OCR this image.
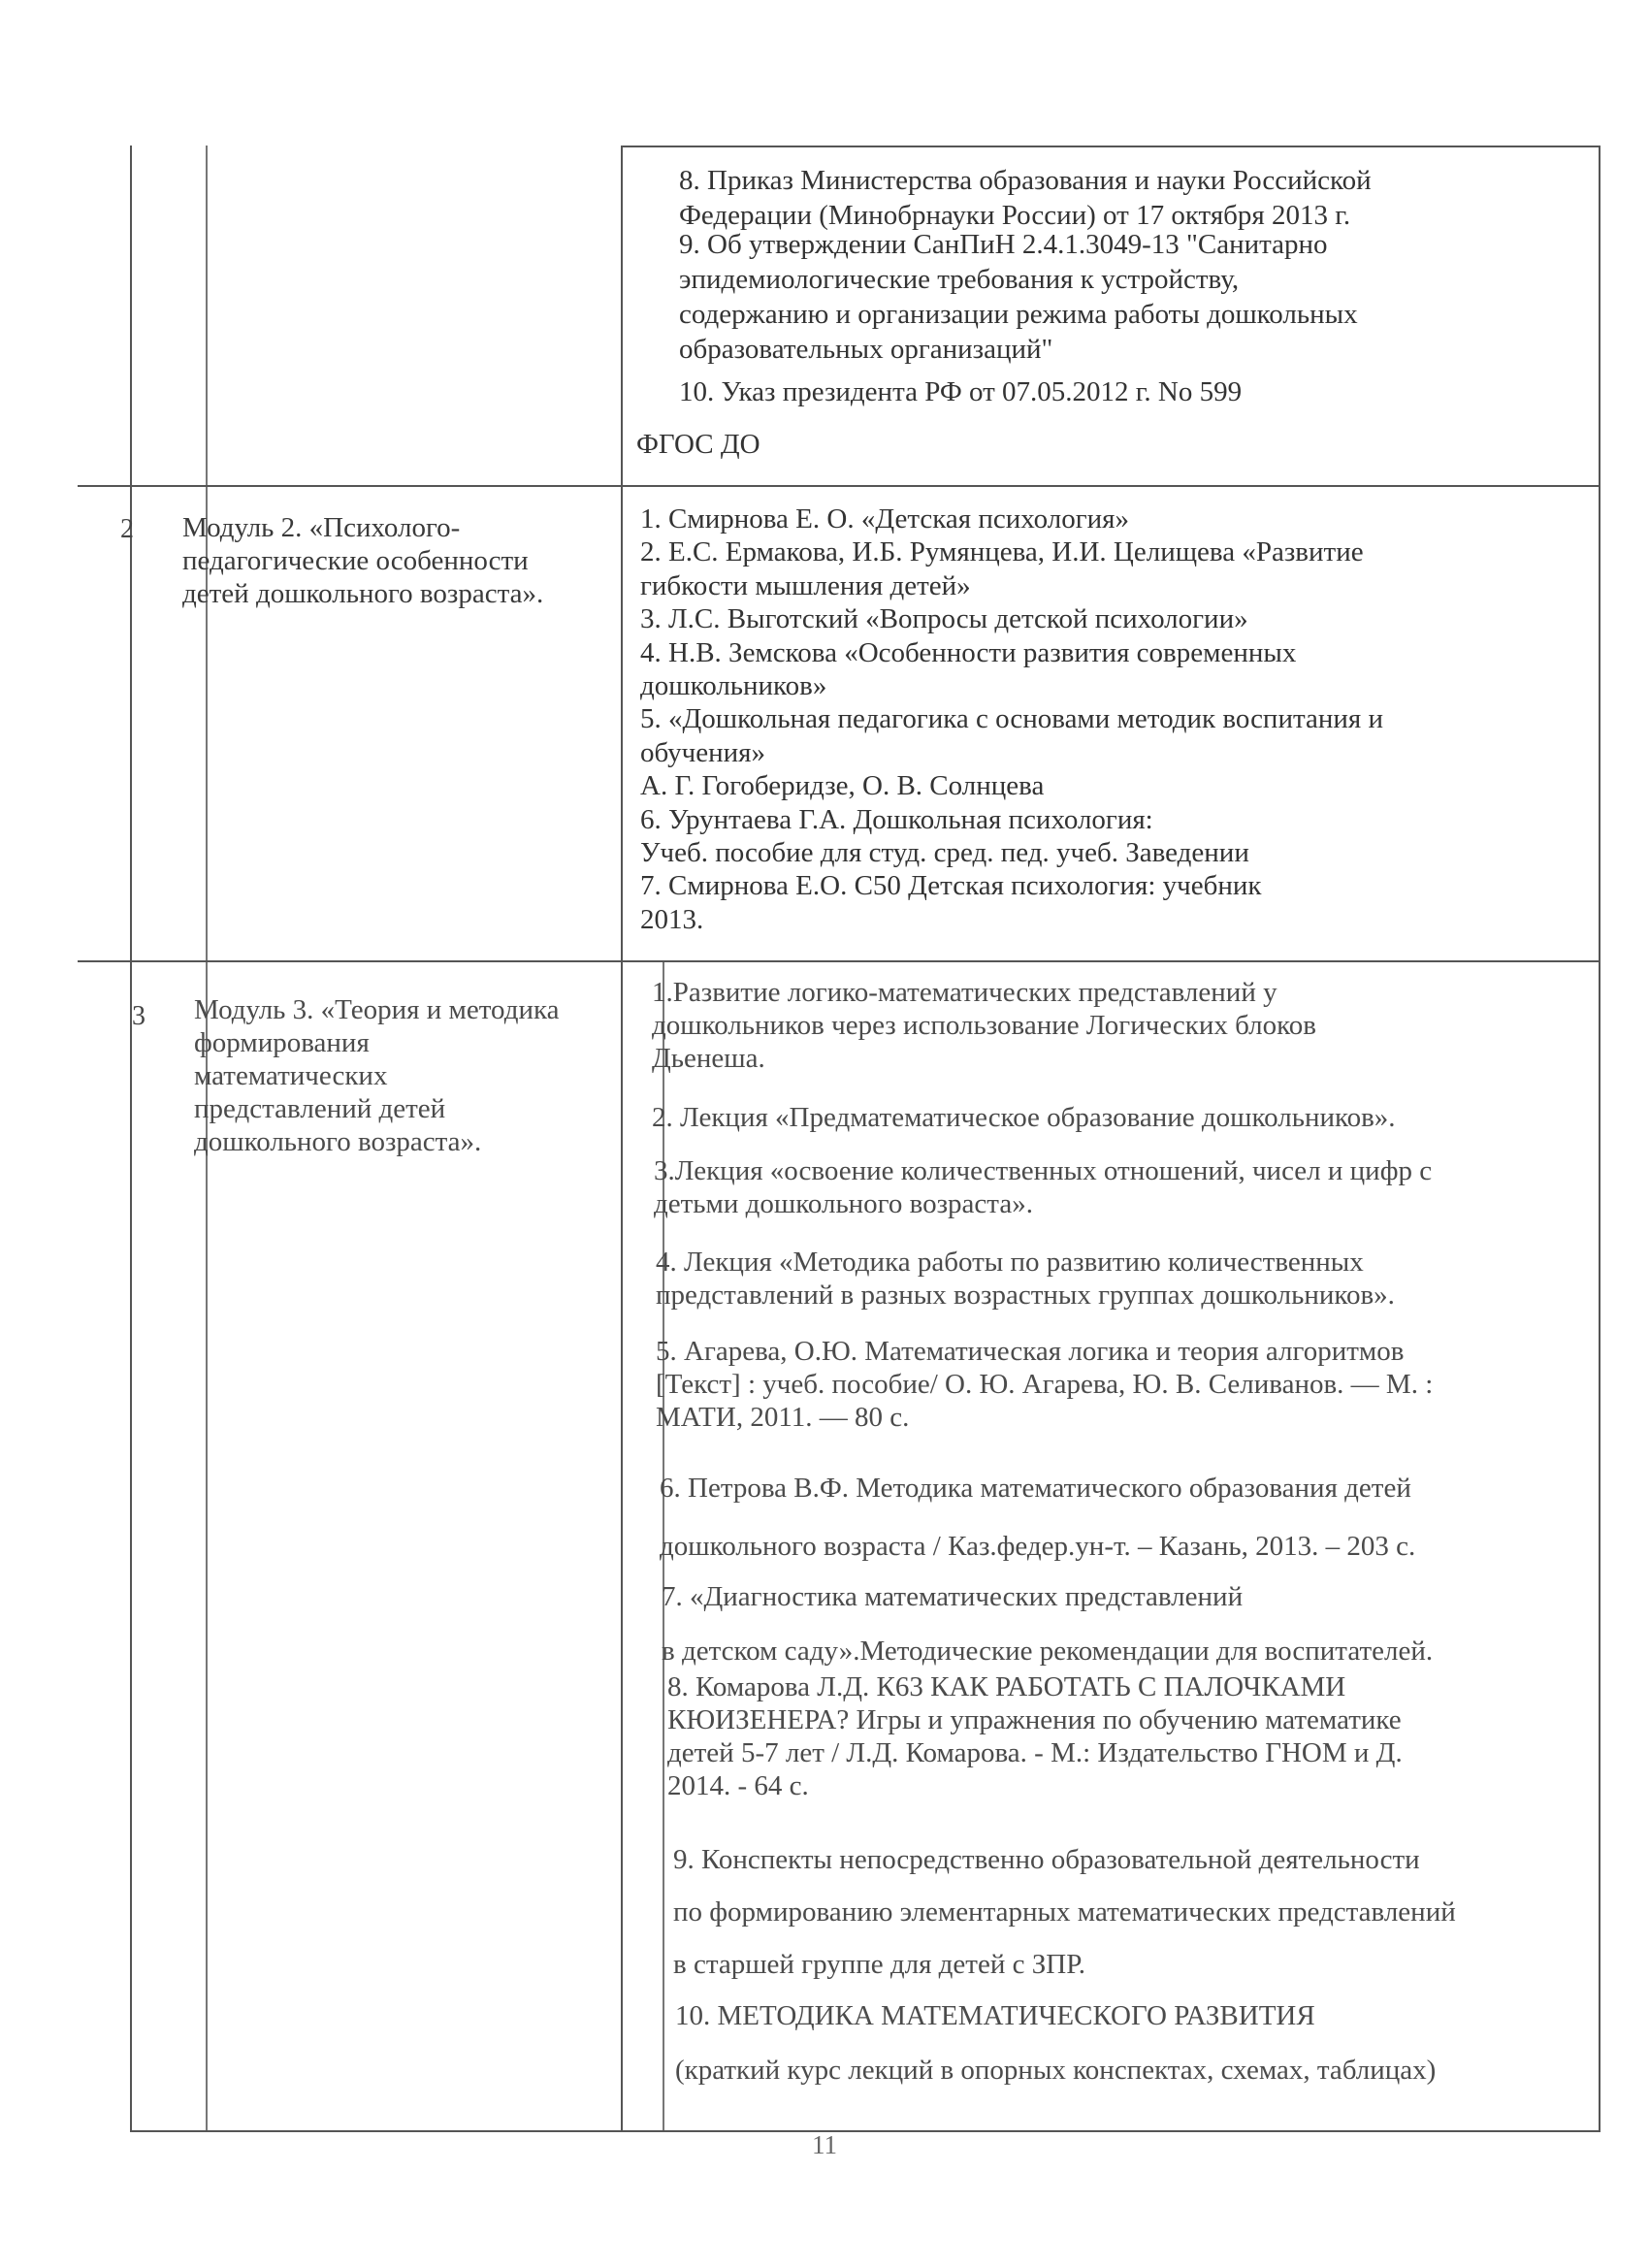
8. Приказ Министерства образования и науки Российской
Федерации (Минобрнауки России) от 17 октября 2013 г.
9. Об утверждении СанПиН 2.4.1.3049-13 "Санитарно
эпидемиологические требования к устройству,
содержанию и организации режима работы дошкольных
образовательных организаций"
10. Указ президента РФ от 07.05.2012 г. No 599
ФГОС ДО
2 Модуль 2. «Психолого-
педагогические особенности
детей дошкольного возраста».
1. Смирнова Е. О. «Детская психология»
2. Е.С. Ермакова, И.Б. Румянцева, И.И. Целищева «Развитие
гибкости мышления детей»
3. Л.С. Выготский «Вопросы детской психологии»
4. Н.В. Земскова «Особенности развития современных
дошкольников»
5. «Дошкольная педагогика с основами методик воспитания и
обучения»
А. Г. Гогоберидзе, О. В. Солнцева
6. Урунтаева Г.А. Дошкольная психология:
Учеб. пособие для студ. сред. пед. учеб. Заведении
7. Смирнова Е.О. С50 Детская психология: учебник
2013.
3 Модуль 3. «Теория и методика
формирования
математических
представлений детей
дошкольного возраста».
1.Развитие логико-математических представлений у
дошкольников через использование Логических блоков
Дьенеша.
2. Лекция «Предматематическое образование дошкольников».
3.Лекция «освоение количественных отношений, чисел и цифр с
детьми дошкольного возраста».
4. Лекция «Методика работы по развитию количественных
представлений в разных возрастных группах дошкольников».
5. Агарева, О.Ю. Математическая логика и теория алгоритмов
[Текст] : учеб. пособие/ О. Ю. Агарева, Ю. В. Селиванов. — М. :
МАТИ, 2011. — 80 с.
6. Петрова В.Ф. Методика математического образования детей
дошкольного возраста / Каз.федер.ун-т. – Казань, 2013. – 203 с.
7. «Диагностика математических представлений
в детском саду».Методические рекомендации для воспитателей.
8. Комарова Л.Д. К63 КАК РАБОТАТЬ С ПАЛОЧКАМИ
КЮИЗЕНЕРА? Игры и упражнения по обучению математике
детей 5-7 лет / Л.Д. Комарова. - М.: Издательство ГНОМ и Д.
2014. - 64 с.
9. Конспекты непосредственно образовательной деятельности
по формированию элементарных математических представлений
в старшей группе для детей с ЗПР.
10. МЕТОДИКА МАТЕМАТИЧЕСКОГО РАЗВИТИЯ
(краткий курс лекций в опорных конспектах, схемах, таблицах)
11
